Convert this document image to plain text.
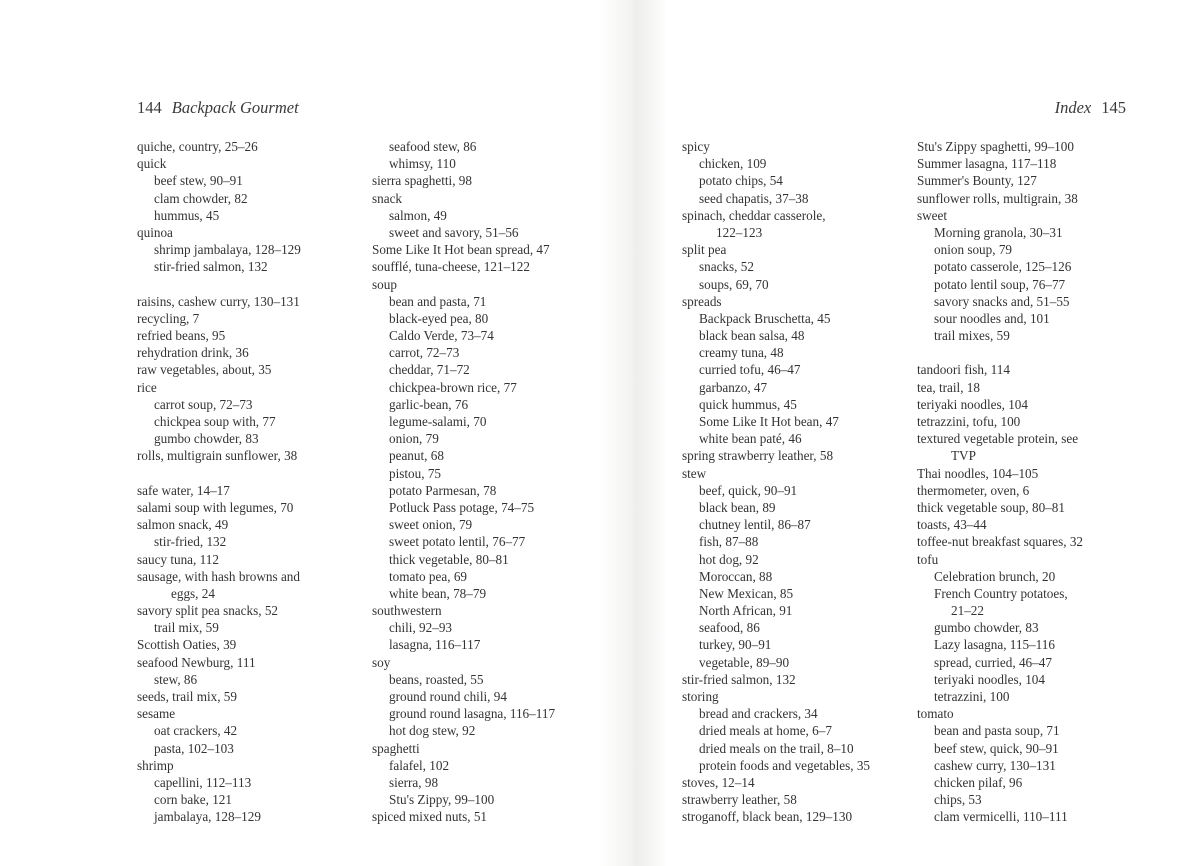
144 Backpack Gourmet	Index 145
quiche, country, 25–26
quick
beef stew, 90–91
clam chowder, 82
hummus, 45
quinoa
shrimp jambalaya, 128–129
stir-fried salmon, 132
raisins, cashew curry, 130–131
recycling, 7
refried beans, 95
rehydration drink, 36
raw vegetables, about, 35
rice
carrot soup, 72–73
chickpea soup with, 77
gumbo chowder, 83
rolls, multigrain sunflower, 38
safe water, 14–17
salami soup with legumes, 70
salmon snack, 49
stir-fried, 132
saucy tuna, 112
sausage, with hash browns and
eggs, 24
savory split pea snacks, 52
trail mix, 59
Scottish Oaties, 39
seafood Newburg, 111
stew, 86
seeds, trail mix, 59
sesame
oat crackers, 42
pasta, 102–103
shrimp
capellini, 112–113
corn bake, 121
jambalaya, 128–129
seafood stew, 86
whimsy, 110
sierra spaghetti, 98
snack
salmon, 49
sweet and savory, 51–56
Some Like It Hot bean spread, 47
soufflé, tuna-cheese, 121–122
soup
bean and pasta, 71
black-eyed pea, 80
Caldo Verde, 73–74
carrot, 72–73
cheddar, 71–72
chickpea-brown rice, 77
garlic-bean, 76
legume-salami, 70
onion, 79
peanut, 68
pistou, 75
potato Parmesan, 78
Potluck Pass potage, 74–75
sweet onion, 79
sweet potato lentil, 76–77
thick vegetable, 80–81
tomato pea, 69
white bean, 78–79
southwestern
chili, 92–93
lasagna, 116–117
soy
beans, roasted, 55
ground round chili, 94
ground round lasagna, 116–117
hot dog stew, 92
spaghetti
falafel, 102
sierra, 98
Stu's Zippy, 99–100
spiced mixed nuts, 51
spicy
chicken, 109
potato chips, 54
seed chapatis, 37–38
spinach, cheddar casserole,
122–123
split pea
snacks, 52
soups, 69, 70
spreads
Backpack Bruschetta, 45
black bean salsa, 48
creamy tuna, 48
curried tofu, 46–47
garbanzo, 47
quick hummus, 45
Some Like It Hot bean, 47
white bean paté, 46
spring strawberry leather, 58
stew
beef, quick, 90–91
black bean, 89
chutney lentil, 86–87
fish, 87–88
hot dog, 92
Moroccan, 88
New Mexican, 85
North African, 91
seafood, 86
turkey, 90–91
vegetable, 89–90
stir-fried salmon, 132
storing
bread and crackers, 34
dried meals at home, 6–7
dried meals on the trail, 8–10
protein foods and vegetables, 35
stoves, 12–14
strawberry leather, 58
stroganoff, black bean, 129–130
Stu's Zippy spaghetti, 99–100
Summer lasagna, 117–118
Summer's Bounty, 127
sunflower rolls, multigrain, 38
sweet
Morning granola, 30–31
onion soup, 79
potato casserole, 125–126
potato lentil soup, 76–77
savory snacks and, 51–55
sour noodles and, 101
trail mixes, 59
tandoori fish, 114
tea, trail, 18
teriyaki noodles, 104
tetrazzini, tofu, 100
textured vegetable protein, see
TVP
Thai noodles, 104–105
thermometer, oven, 6
thick vegetable soup, 80–81
toasts, 43–44
toffee-nut breakfast squares, 32
tofu
Celebration brunch, 20
French Country potatoes,
21–22
gumbo chowder, 83
Lazy lasagna, 115–116
spread, curried, 46–47
teriyaki noodles, 104
tetrazzini, 100
tomato
bean and pasta soup, 71
beef stew, quick, 90–91
cashew curry, 130–131
chicken pilaf, 96
chips, 53
clam vermicelli, 110–111
